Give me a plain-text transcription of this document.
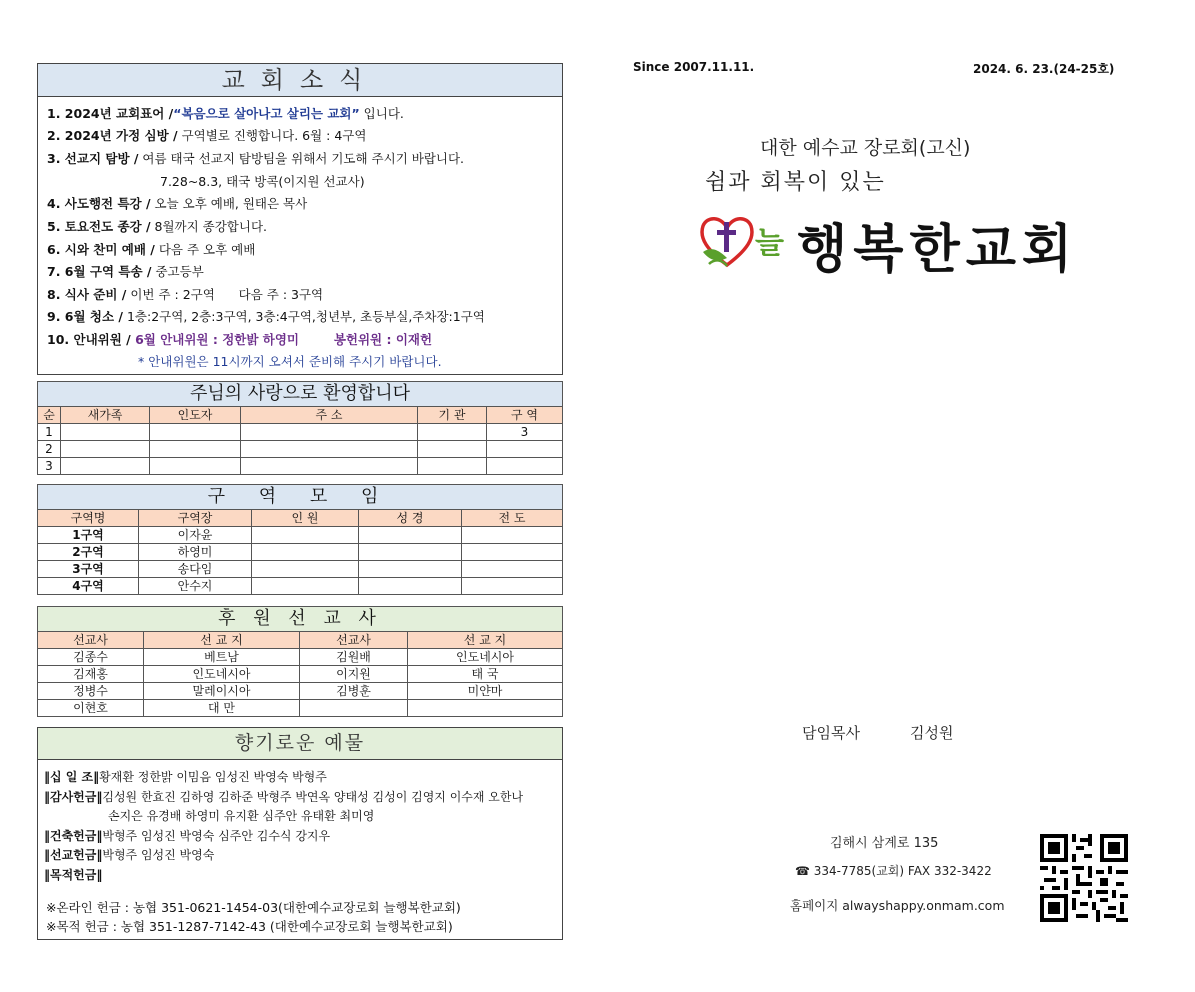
교회소식
1. 2024년 교회표어 /“복음으로 살아나고 살리는 교회” 입니다.
2. 2024년 가정 심방 / 구역별로 진행합니다. 6월 : 4구역
3. 선교지 탐방 / 여름 태국 선교지 탐방팀을 위해서 기도해 주시기 바랍니다.
7.28~8.3, 태국 방콕(이지원 선교사)
4. 사도행전 특강 / 오늘 오후 예배, 원태은 목사
5. 토요전도 종강 / 8월까지 종강합니다.
6. 시와 찬미 예배 / 다음 주 오후 예배
7. 6월 구역 특송 / 중고등부
8. 식사 준비 / 이번 주 : 2구역      다음 주 : 3구역
9. 6월 청소 / 1층:2구역, 2층:3구역, 3층:4구역,청년부, 초등부실,주차장:1구역
10. 안내위원 / 6월 안내위원 : 정한밝 하영미        봉헌위원 : 이재헌
* 안내위원은 11시까지 오셔서 준비해 주시기 바랍니다.
주님의 사랑으로 환영합니다					
순	새가족	인도자	주 소	기 관	구 역
1					3
2					
3					
구 역 모 임				
구역명	구역장	인 원	성 경	전 도
1구역	이자윤			
2구역	하영미			
3구역	송다임			
4구역	안수지			
후 원 선 교 사			
선교사	선 교 지	선교사	선 교 지
김종수	베트남	김원배	인도네시아
김재홍	인도네시아	이지원	태 국
정병수	말레이시아	김병훈	미얀마
이현호	대 만		
향기로운 예물
‖십 일 조‖황재환 정한밝 이밈음 임성진 박영숙 박형주
‖감사헌금‖김성원 한효진 김하영 김하준 박형주 박연옥 양태성 김성이 김영지 이수재 오한나
손지은 유경배 하영미 유지환 심주안 유태환 최미영
‖건축헌금‖박형주 임성진 박영숙 심주안 김수식 강지우
‖선교헌금‖박형주 임성진 박영숙
‖목적헌금‖
※온라인 헌금 : 농협 351-0621-1454-03(대한예수교장로회 늘행복한교회)
※목적 헌금 : 농협 351-1287-7142-43 (대한예수교장로회 늘행복한교회)
Since 2007.11.11.	2024. 6. 23.(24-25호)
대한 예수교 장로회(고신)
쉼과 회복이 있는
늘 행복한교회
담임목사	김성원
김해시 삼계로 135
☎ 334-7785(교회) FAX 332-3422
홈페이지 alwayshappy.onmam.com
